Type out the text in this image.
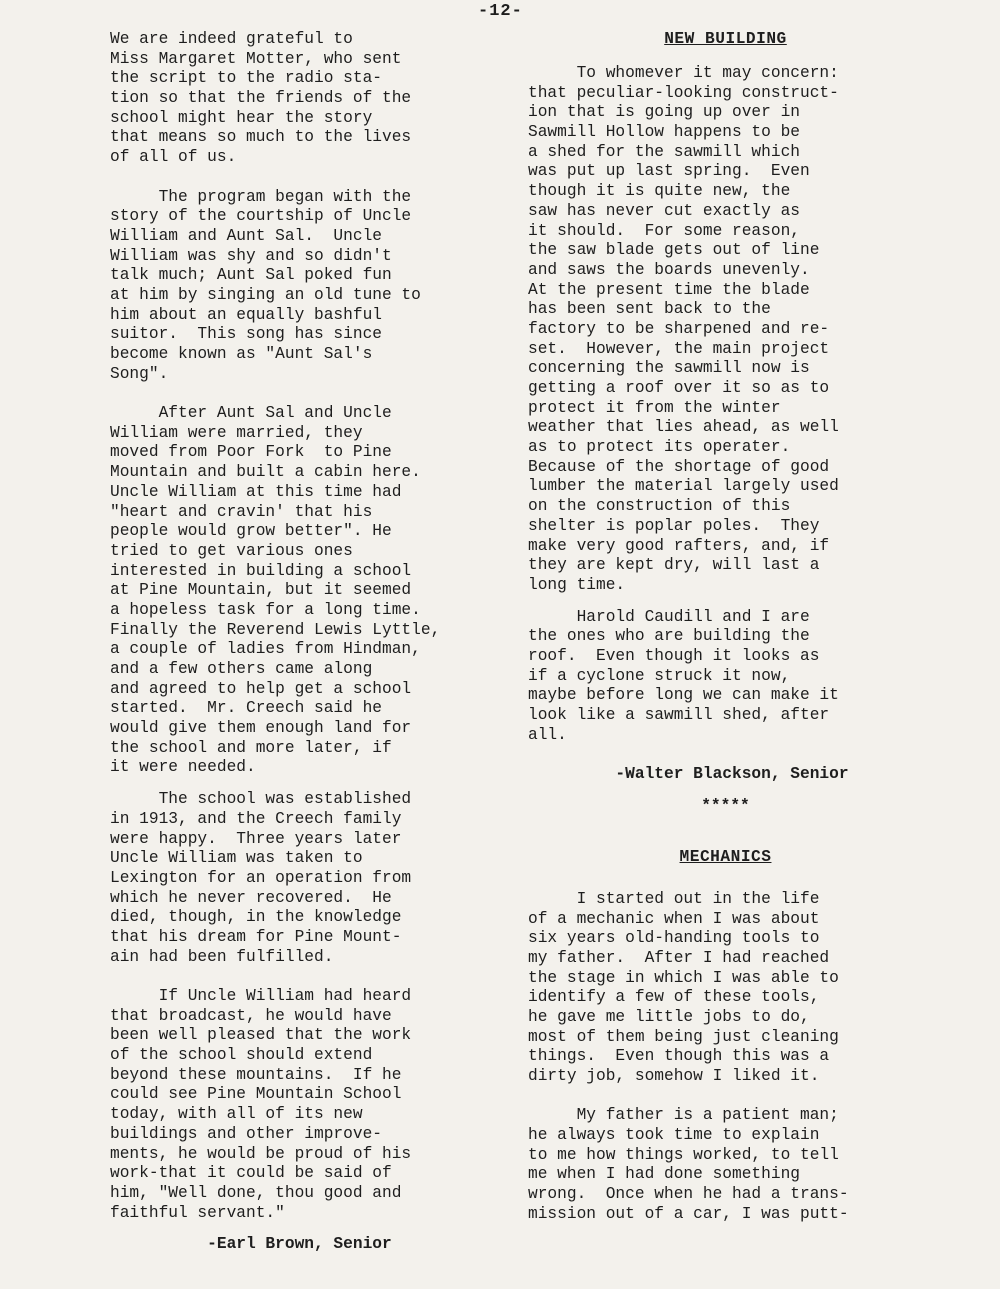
-12-
We are indeed grateful to
Miss Margaret Motter, who sent
the script to the radio sta-
tion so that the friends of the
school might hear the story
that means so much to the lives
of all of us.
The program began with the
story of the courtship of Uncle
William and Aunt Sal.  Uncle
William was shy and so didn't
talk much; Aunt Sal poked fun
at him by singing an old tune to
him about an equally bashful
suitor.  This song has since
become known as "Aunt Sal's
Song".
After Aunt Sal and Uncle
William were married, they
moved from Poor Fork  to Pine
Mountain and built a cabin here.
Uncle William at this time had
"heart and cravin' that his
people would grow better". He
tried to get various ones
interested in building a school
at Pine Mountain, but it seemed
a hopeless task for a long time.
Finally the Reverend Lewis Lyttle,
a couple of ladies from Hindman,
and a few others came along
and agreed to help get a school
started.  Mr. Creech said he
would give them enough land for
the school and more later, if
it were needed.
The school was established
in 1913, and the Creech family
were happy.  Three years later
Uncle William was taken to
Lexington for an operation from
which he never recovered.  He
died, though, in the knowledge
that his dream for Pine Mount-
ain had been fulfilled.
If Uncle William had heard
that broadcast, he would have
been well pleased that the work
of the school should extend
beyond these mountains.  If he
could see Pine Mountain School
today, with all of its new
buildings and other improve-
ments, he would be proud of his
work-that it could be said of
him, "Well done, thou good and
faithful servant."
-Earl Brown, Senior
NEW BUILDING
To whomever it may concern:
that peculiar-looking construct-
ion that is going up over in
Sawmill Hollow happens to be
a shed for the sawmill which
was put up last spring.  Even
though it is quite new, the
saw has never cut exactly as
it should.  For some reason,
the saw blade gets out of line
and saws the boards unevenly.
At the present time the blade
has been sent back to the
factory to be sharpened and re-
set.  However, the main project
concerning the sawmill now is
getting a roof over it so as to
protect it from the winter
weather that lies ahead, as well
as to protect its operater.
Because of the shortage of good
lumber the material largely used
on the construction of this
shelter is poplar poles.  They
make very good rafters, and, if
they are kept dry, will last a
long time.
Harold Caudill and I are
the ones who are building the
roof.  Even though it looks as
if a cyclone struck it now,
maybe before long we can make it
look like a sawmill shed, after
all.
-Walter Blackson, Senior
*****
MECHANICS
I started out in the life
of a mechanic when I was about
six years old-handing tools to
my father.  After I had reached
the stage in which I was able to
identify a few of these tools,
he gave me little jobs to do,
most of them being just cleaning
things.  Even though this was a
dirty job, somehow I liked it.
My father is a patient man;
he always took time to explain
to me how things worked, to tell
me when I had done something
wrong.  Once when he had a trans-
mission out of a car, I was putt-
